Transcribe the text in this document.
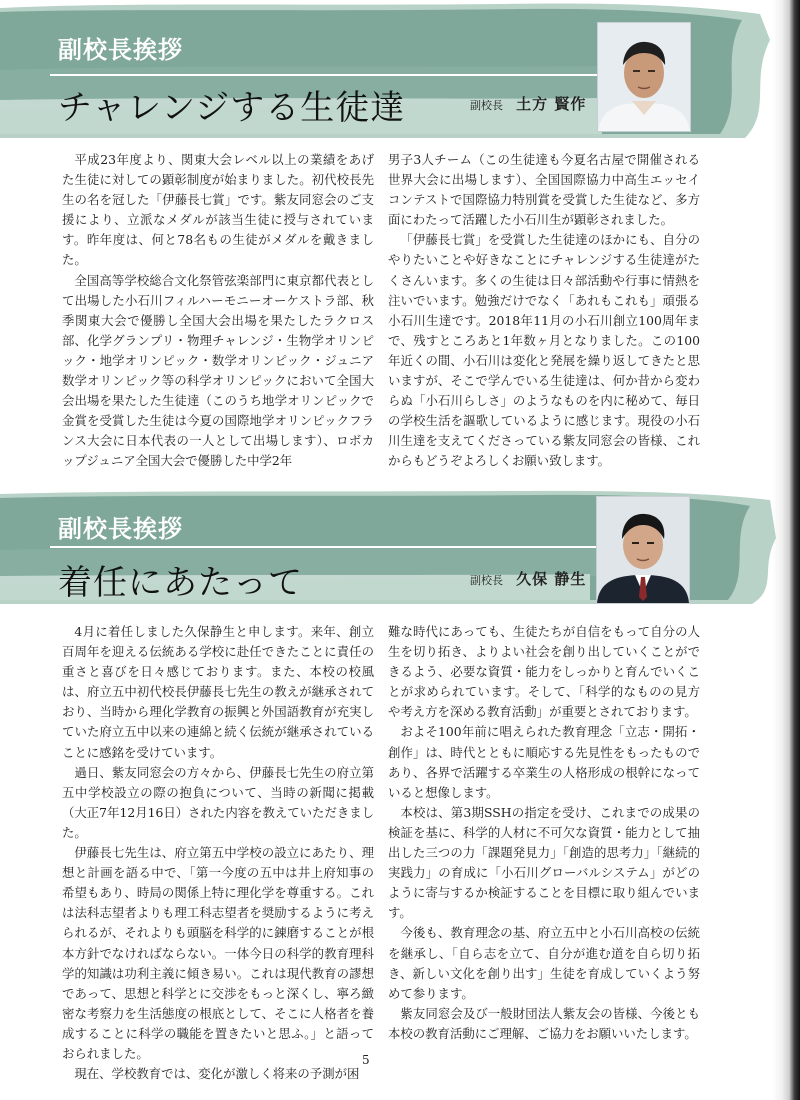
副校長挨拶
チャレンジする生徒達	副校長 土方 賢作

平成23年度より、関東大会レベル以上の業績をあげた生徒に対しての顕彰制度が始まりました。初代校長先生の名を冠した「伊藤長七賞」です。紫友同窓会のご支援により、立派なメダルが該当生徒に授与されています。昨年度は、何と78名もの生徒がメダルを戴きました。

全国高等学校総合文化祭管弦楽部門に東京都代表として出場した小石川フィルハーモニーオーケストラ部、秋季関東大会で優勝し全国大会出場を果たしたラクロス部、化学グランプリ・物理チャレンジ・生物学オリンピック・地学オリンピック・数学オリンピック・ジュニア数学オリンピック等の科学オリンピックにおいて全国大会出場を果たした生徒達（このうち地学オリンピックで金賞を受賞した生徒は今夏の国際地学オリンピックフランス大会に日本代表の一人として出場します）、ロボカップジュニア全国大会で優勝した中学2年

男子3人チーム（この生徒達も今夏名古屋で開催される世界大会に出場します）、全国国際協力中高生エッセイコンテストで国際協力特別賞を受賞した生徒など、多方面にわたって活躍した小石川生が顕彰されました。

「伊藤長七賞」を受賞した生徒達のほかにも、自分のやりたいことや好きなことにチャレンジする生徒達がたくさんいます。多くの生徒は日々部活動や行事に情熱を注いでいます。勉強だけでなく「あれもこれも」頑張る小石川生達です。2018年11月の小石川創立100周年まで、残すところあと1年数ヶ月となりました。この100年近くの間、小石川は変化と発展を繰り返してきたと思いますが、そこで学んでいる生徒達は、何か昔から変わらぬ「小石川らしさ」のようなものを内に秘めて、毎日の学校生活を謳歌しているように感じます。現役の小石川生達を支えてくださっている紫友同窓会の皆様、これからもどうぞよろしくお願い致します。

副校長挨拶
着任にあたって	副校長 久保 静生

4月に着任しました久保静生と申します。来年、創立百周年を迎える伝統ある学校に赴任できたことに責任の重さと喜びを日々感じております。また、本校の校風は、府立五中初代校長伊藤長七先生の教えが継承されており、当時から理化学教育の振興と外国語教育が充実していた府立五中以来の連綿と続く伝統が継承されていることに感銘を受けています。

過日、紫友同窓会の方々から、伊藤長七先生の府立第五中学校設立の際の抱負について、当時の新聞に掲載（大正7年12月16日）された内容を教えていただきました。

伊藤長七先生は、府立第五中学校の設立にあたり、理想と計画を語る中で、「第一今度の五中は井上府知事の希望もあり、時局の関係上特に理化学を尊重する。これは法科志望者よりも理工科志望者を奨励するように考えられるが、それよりも頭脳を科学的に錬磨することが根本方針でなければならない。一体今日の科学的教育理科学的知識は功利主義に傾き易い。これは現代教育の謬想であって、思想と科学とに交渉をもっと深くし、寧ろ緻密な考察力を生活態度の根底として、そこに人格者を養成することに科学の職能を置きたいと思ふ。」と語っておられました。

現在、学校教育では、変化が激しく将来の予測が困

難な時代にあっても、生徒たちが自信をもって自分の人生を切り拓き、よりよい社会を創り出していくことができるよう、必要な資質・能力をしっかりと育んでいくことが求められています。そして、「科学的なものの見方や考え方を深める教育活動」が重要とされております。

およそ100年前に唱えられた教育理念「立志・開拓・創作」は、時代とともに順応する先見性をもったものであり、各界で活躍する卒業生の人格形成の根幹になっていると想像します。

本校は、第3期SSHの指定を受け、これまでの成果の検証を基に、科学的人材に不可欠な資質・能力として抽出した三つの力「課題発見力」「創造的思考力」「継続的実践力」の育成に「小石川グローバルシステム」がどのように寄与するか検証することを目標に取り組んでいます。

今後も、教育理念の基、府立五中と小石川高校の伝統を継承し、「自ら志を立て、自分が進む道を自ら切り拓き、新しい文化を創り出す」生徒を育成していくよう努めて参ります。

紫友同窓会及び一般財団法人紫友会の皆様、今後とも本校の教育活動にご理解、ご協力をお願いいたします。

5
